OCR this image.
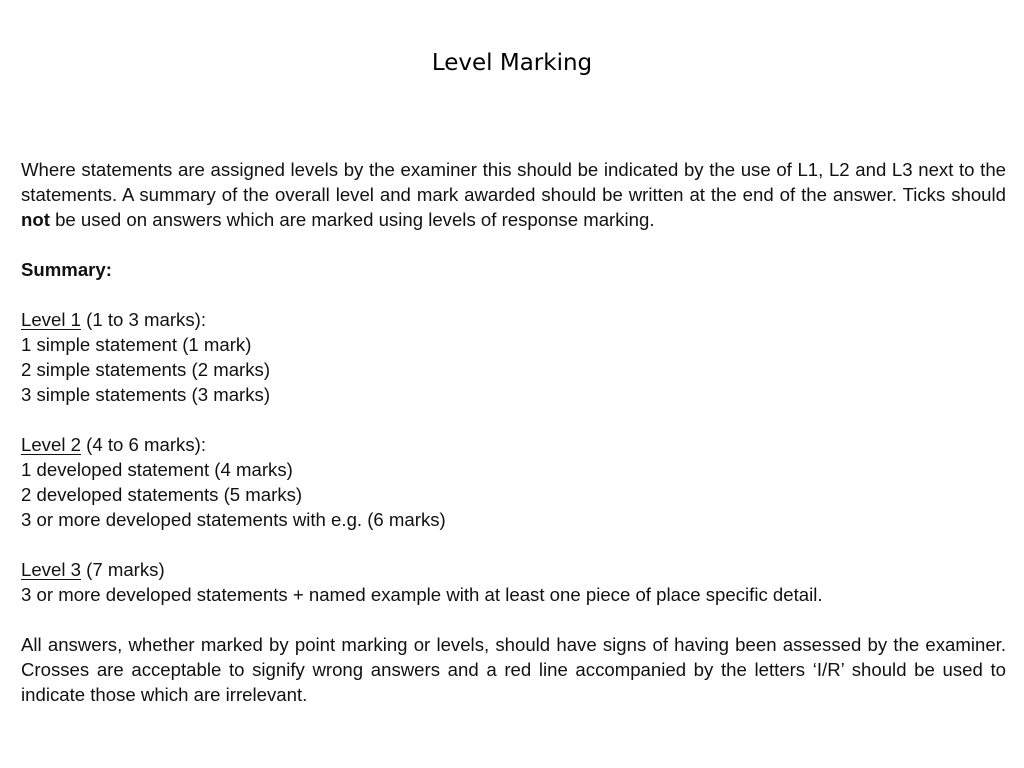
Level Marking

Where statements are assigned levels by the examiner this should be indicated by the use of L1, L2 and L3 next to the statements. A summary of the overall level and mark awarded should be written at the end of the answer. Ticks should not be used on answers which are marked using levels of response marking.

Summary:

Level 1 (1 to 3 marks):

1 simple statement (1 mark)

2 simple statements (2 marks)

3 simple statements (3 marks)

Level 2 (4 to 6 marks):

1 developed statement (4 marks)

2 developed statements (5 marks)

3 or more developed statements with e.g. (6 marks)

Level 3 (7 marks)

3 or more developed statements + named example with at least one piece of place specific detail.

All answers, whether marked by point marking or levels, should have signs of having been assessed by the examiner. Crosses are acceptable to signify wrong answers and a red line accompanied by the letters ‘I/R’ should be used to indicate those which are irrelevant.
